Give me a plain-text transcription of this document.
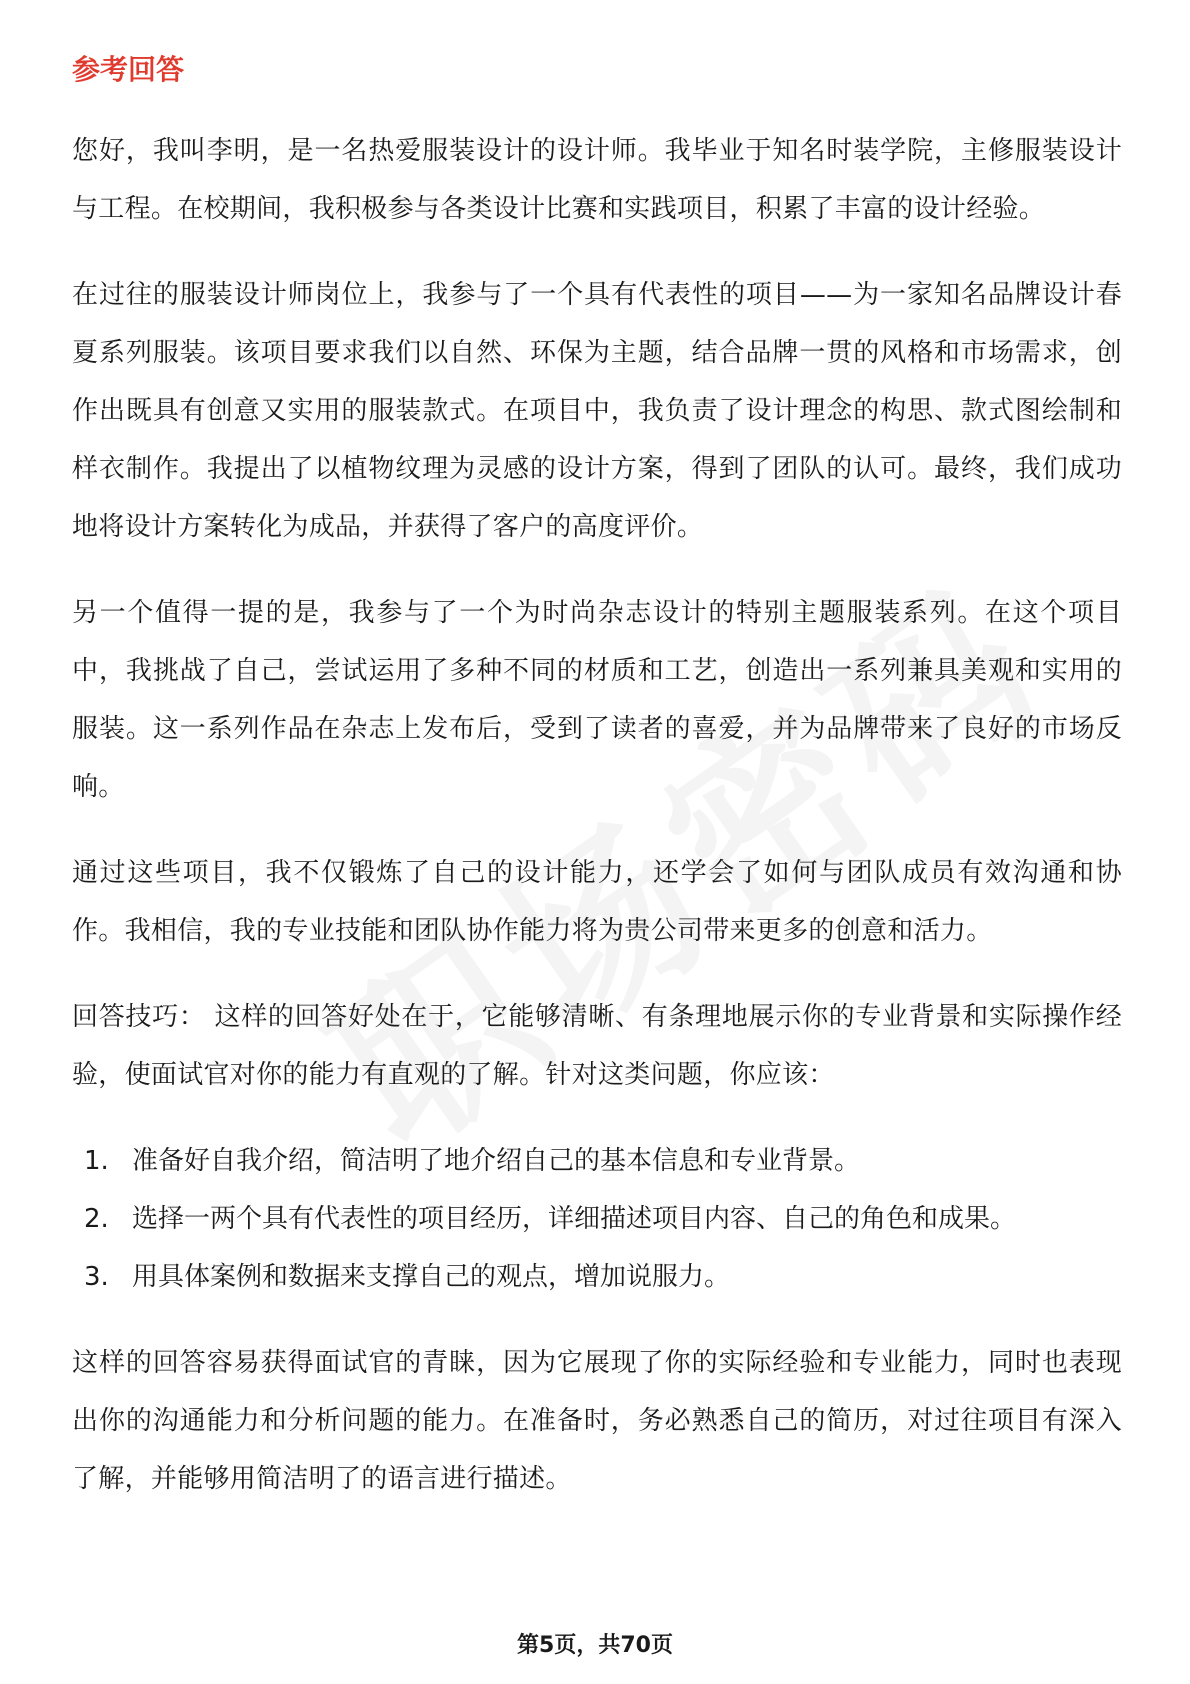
参考回答

您好，我叫李明，是一名热爱服装设计的设计师。我毕业于知名时装学院，主修服装设计与工程。在校期间，我积极参与各类设计比赛和实践项目，积累了丰富的设计经验。

在过往的服装设计师岗位上，我参与了一个具有代表性的项目——为一家知名品牌设计春夏系列服装。该项目要求我们以自然、环保为主题，结合品牌一贯的风格和市场需求，创作出既具有创意又实用的服装款式。在项目中，我负责了设计理念的构思、款式图绘制和样衣制作。我提出了以植物纹理为灵感的设计方案，得到了团队的认可。最终，我们成功地将设计方案转化为成品，并获得了客户的高度评价。

另一个值得一提的是，我参与了一个为时尚杂志设计的特别主题服装系列。在这个项目中，我挑战了自己，尝试运用了多种不同的材质和工艺，创造出一系列兼具美观和实用的服装。这一系列作品在杂志上发布后，受到了读者的喜爱，并为品牌带来了良好的市场反响。

通过这些项目，我不仅锻炼了自己的设计能力，还学会了如何与团队成员有效沟通和协作。我相信，我的专业技能和团队协作能力将为贵公司带来更多的创意和活力。

回答技巧： 这样的回答好处在于，它能够清晰、有条理地展示你的专业背景和实际操作经验，使面试官对你的能力有直观的了解。针对这类问题，你应该：

1. 准备好自我介绍，简洁明了地介绍自己的基本信息和专业背景。
2. 选择一两个具有代表性的项目经历，详细描述项目内容、自己的角色和成果。
3. 用具体案例和数据来支撑自己的观点，增加说服力。

这样的回答容易获得面试官的青睐，因为它展现了你的实际经验和专业能力，同时也表现出你的沟通能力和分析问题的能力。在准备时，务必熟悉自己的简历，对过往项目有深入了解，并能够用简洁明了的语言进行描述。

第5页，共70页
